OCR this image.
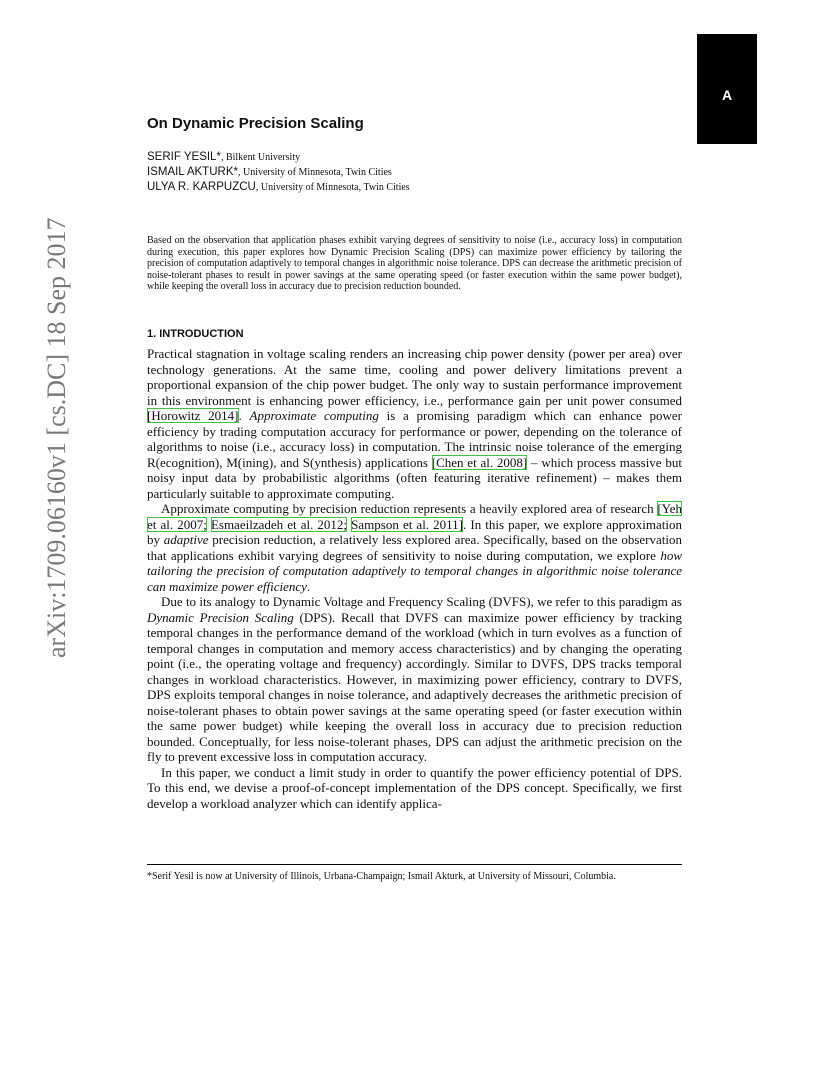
A
arXiv:1709.06160v1 [cs.DC] 18 Sep 2017
On Dynamic Precision Scaling
SERIF YESIL*, Bilkent University
ISMAIL AKTURK*, University of Minnesota, Twin Cities
ULYA R. KARPUZCU, University of Minnesota, Twin Cities
Based on the observation that application phases exhibit varying degrees of sensitivity to noise (i.e., accuracy loss) in computation during execution, this paper explores how Dynamic Precision Scaling (DPS) can maximize power efficiency by tailoring the precision of computation adaptively to temporal changes in algorithmic noise tolerance. DPS can decrease the arithmetic precision of noise-tolerant phases to result in power savings at the same operating speed (or faster execution within the same power budget), while keeping the overall loss in accuracy due to precision reduction bounded.
1. INTRODUCTION

Practical stagnation in voltage scaling renders an increasing chip power density (power per area) over technology generations. At the same time, cooling and power delivery limitations prevent a proportional expansion of the chip power budget. The only way to sustain performance improvement in this environment is enhancing power efficiency, i.e., performance gain per unit power consumed [Horowitz 2014]. Approximate computing is a promising paradigm which can enhance power efficiency by trading computation accuracy for performance or power, depending on the tolerance of algorithms to noise (i.e., accuracy loss) in computation. The intrinsic noise tolerance of the emerging R(ecognition), M(ining), and S(ynthesis) applications [Chen et al. 2008] – which process massive but noisy input data by probabilistic algorithms (often featuring iterative refinement) – makes them particularly suitable to approximate computing.

Approximate computing by precision reduction represents a heavily explored area of research [Yeh et al. 2007; Esmaeilzadeh et al. 2012; Sampson et al. 2011]. In this paper, we explore approximation by adaptive precision reduction, a relatively less explored area. Specifically, based on the observation that applications exhibit varying degrees of sensitivity to noise during computation, we explore how tailoring the precision of computation adaptively to temporal changes in algorithmic noise tolerance can maximize power efficiency.

Due to its analogy to Dynamic Voltage and Frequency Scaling (DVFS), we refer to this paradigm as Dynamic Precision Scaling (DPS). Recall that DVFS can maximize power efficiency by tracking temporal changes in the performance demand of the workload (which in turn evolves as a function of temporal changes in computation and memory access characteristics) and by changing the operating point (i.e., the operating voltage and frequency) accordingly. Similar to DVFS, DPS tracks temporal changes in workload characteristics. However, in maximizing power efficiency, contrary to DVFS, DPS exploits temporal changes in noise tolerance, and adaptively decreases the arithmetic precision of noise-tolerant phases to obtain power savings at the same operating speed (or faster execution within the same power budget) while keeping the overall loss in accuracy due to precision reduction bounded. Conceptually, for less noise-tolerant phases, DPS can adjust the arithmetic precision on the fly to prevent excessive loss in computation accuracy.

In this paper, we conduct a limit study in order to quantify the power efficiency potential of DPS. To this end, we devise a proof-of-concept implementation of the DPS concept. Specifically, we first develop a workload analyzer which can identify applica-

*Serif Yesil is now at University of Illinois, Urbana-Champaign; Ismail Akturk, at University of Missouri, Columbia.
